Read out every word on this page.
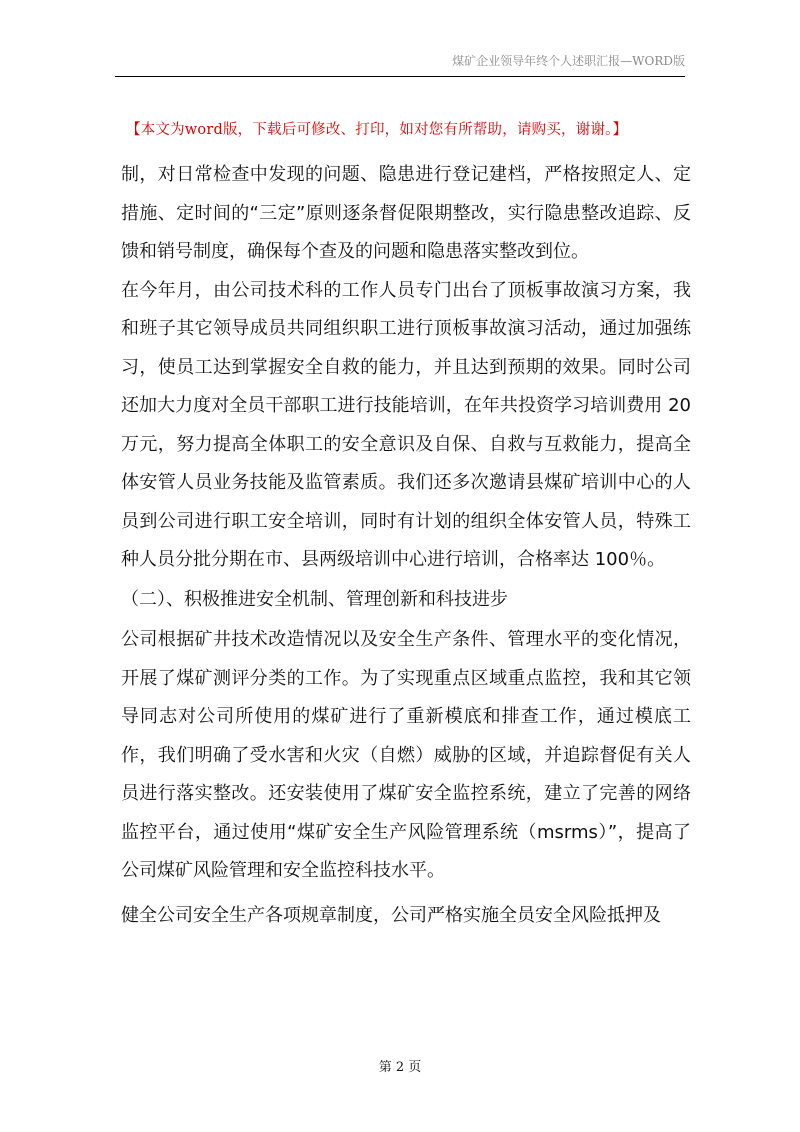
煤矿企业领导年终个人述职汇报—WORD版
【本文为word版，下载后可修改、打印，如对您有所帮助，请购买，谢谢。】

制，对日常检查中发现的问题、隐患进行登记建档，严格按照定人、定措施、定时间的“三定”原则逐条督促限期整改，实行隐患整改追踪、反馈和销号制度，确保每个查及的问题和隐患落实整改到位。

在今年月，由公司技术科的工作人员专门出台了顶板事故演习方案，我和班子其它领导成员共同组织职工进行顶板事故演习活动，通过加强练习，使员工达到掌握安全自救的能力，并且达到预期的效果。同时公司还加大力度对全员干部职工进行技能培训，在年共投资学习培训费用 20 万元，努力提高全体职工的安全意识及自保、自救与互救能力，提高全体安管人员业务技能及监管素质。我们还多次邀请县煤矿培训中心的人员到公司进行职工安全培训，同时有计划的组织全体安管人员，特殊工种人员分批分期在市、县两级培训中心进行培训，合格率达 100％。

（二）、积极推进安全机制、管理创新和科技进步

公司根据矿井技术改造情况以及安全生产条件、管理水平的变化情况，开展了煤矿测评分类的工作。为了实现重点区域重点监控，我和其它领导同志对公司所使用的煤矿进行了重新模底和排查工作，通过模底工作，我们明确了受水害和火灾（自燃）威胁的区域，并追踪督促有关人员进行落实整改。还安装使用了煤矿安全监控系统，建立了完善的网络监控平台，通过使用“煤矿安全生产风险管理系统（msrms）”，提高了公司煤矿风险管理和安全监控科技水平。

健全公司安全生产各项规章制度，公司严格实施全员安全风险抵押及

第 2 页
